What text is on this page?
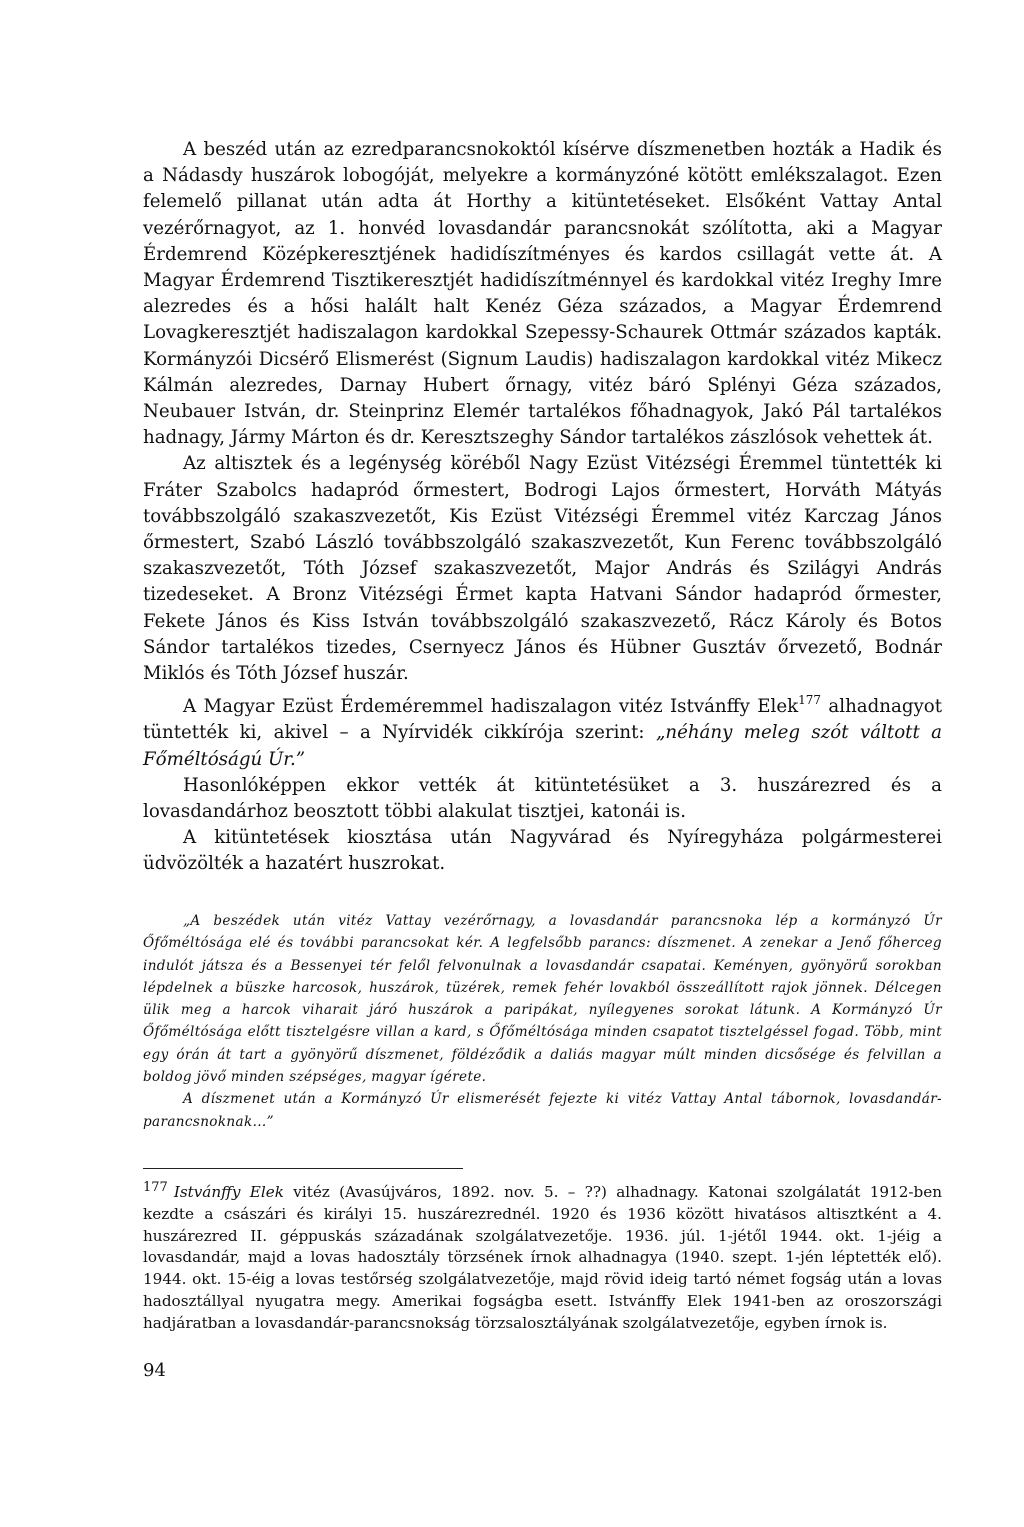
A beszéd után az ezredparancsnokoktól kísérve díszmenetben hozták a Hadik és a Nádasdy huszárok lobogóját, melyekre a kormányzóné kötött emlékszalagot. Ezen felemelő pillanat után adta át Horthy a kitüntetéseket. Elsőként Vattay Antal vezérőrnagyot, az 1. honvéd lovasdandár parancsnokát szólította, aki a Magyar Érdemrend Középkeresztjének hadidíszítményes és kardos csillagát vette át. A Magyar Érdemrend Tisztikeresztjét hadidíszítménnyel és kardokkal vitéz Ireghy Imre alezredes és a hősi halált halt Kenéz Géza százados, a Magyar Érdemrend Lovagkeresztjét hadiszalagon kardokkal Szepessy-Schaurek Ottmár százados kapták. Kormányzói Dicsérő Elismerést (Signum Laudis) hadiszalagon kardokkal vitéz Mikecz Kálmán alezredes, Darnay Hubert őrnagy, vitéz báró Splényi Géza százados, Neubauer István, dr. Steinprinz Elemér tartalékos főhadnagyok, Jakó Pál tartalékos hadnagy, Jármy Márton és dr. Keresztszeghy Sándor tartalékos zászlósok vehettek át.

Az altisztek és a legénység köréből Nagy Ezüst Vitézségi Éremmel tüntették ki Fráter Szabolcs hadapród őrmestert, Bodrogi Lajos őrmestert, Horváth Mátyás továbbszolgáló szakaszvezetőt, Kis Ezüst Vitézségi Éremmel vitéz Karczag János őrmestert, Szabó László továbbszolgáló szakaszvezetőt, Kun Ferenc továbbszolgáló szakaszvezetőt, Tóth József szakaszvezetőt, Major András és Szilágyi András tizedeseket. A Bronz Vitézségi Érmet kapta Hatvani Sándor hadapród őrmester, Fekete János és Kiss István továbbszolgáló szakaszvezető, Rácz Károly és Botos Sándor tartalékos tizedes, Csernyecz János és Hübner Gusztáv őrvezető, Bodnár Miklós és Tóth József huszár.

A Magyar Ezüst Érdeméremmel hadiszalagon vitéz Istvánffy Elek$^{177}$ alhadnagyot tüntették ki, akivel – a Nyírvidék cikkírója szerint: „néhány meleg szót váltott a Főméltóságú Úr.”

Hasonlóképpen ekkor vették át kitüntetésüket a 3. huszárezred és a lovasdandárhoz beosztott többi alakulat tisztjei, katonái is.

A kitüntetések kiosztása után Nagyvárad és Nyíregyháza polgármesterei üdvözölték a hazatért huszrokat.

„A beszédek után vitéz Vattay vezérőrnagy, a lovasdandár parancsnoka lép a kormányzó Úr Őfőméltósága elé és további parancsokat kér. A legfelsőbb parancs: díszmenet. A zenekar a Jenő főherceg indulót játsza és a Bessenyei tér felől felvonulnak a lovasdandár csapatai. Keményen, gyönyörű sorokban lépdelnek a büszke harcosok, huszárok, tüzérek, remek fehér lovakból összeállított rajok jönnek. Délcegen ülik meg a harcok viharait járó huszárok a paripákat, nyílegyenes sorokat látunk. A Kormányzó Úr Őfőméltósága előtt tisztelgésre villan a kard, s Őfőméltósága minden csapatot tisztelgéssel fogad. Több, mint egy órán át tart a gyönyörű díszmenet, földéződik a daliás magyar múlt minden dicsősége és felvillan a boldog jövő minden szépséges, magyar ígérete.

A díszmenet után a Kormányzó Úr elismerését fejezte ki vitéz Vattay Antal tábornok, lovasdandár-parancsnoknak...”

177 Istvánffy Elek vitéz (Avasújváros, 1892. nov. 5. – ??) alhadnagy. Katonai szolgálatát 1912-ben kezdte a császári és királyi 15. huszárezrednél. 1920 és 1936 között hivatásos altisztként a 4. huszárezred II. géppuskás századának szolgálatvezetője. 1936. júl. 1-jétől 1944. okt. 1-jéig a lovasdandár, majd a lovas hadosztály törzsének írnok alhadnagya (1940. szept. 1-jén léptették elő). 1944. okt. 15-éig a lovas testőrség szolgálatvezetője, majd rövid ideig tartó német fogság után a lovas hadosztállyal nyugatra megy. Amerikai fogságba esett. Istvánffy Elek 1941-ben az oroszországi hadjáratban a lovasdandár-parancsnokság törzsalosztályának szolgálatvezetője, egyben írnok is.
94
